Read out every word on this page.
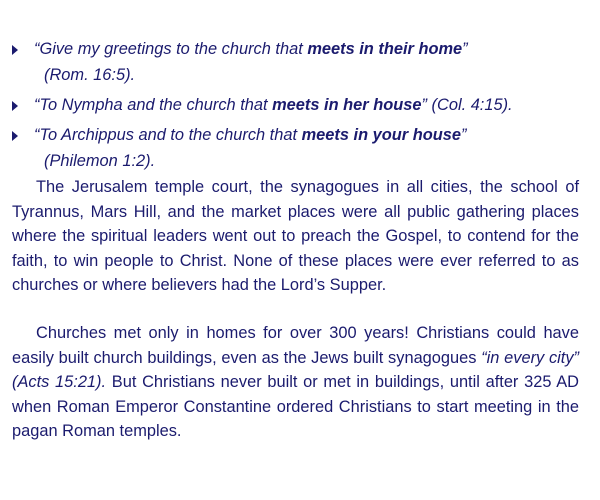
“Give my greetings to the church that meets in their home”
(Rom. 16:5).
“To Nympha and the church that meets in her house” (Col. 4:15).
“To Archippus and to the church that meets in your house”
(Philemon 1:2).
The Jerusalem temple court, the synagogues in all cities, the school of Tyrannus, Mars Hill, and the market places were all public gathering places where the spiritual leaders went out to preach the Gospel, to contend for the faith, to win people to Christ. None of these places were ever referred to as churches or where believers had the Lord’s Supper.
Churches met only in homes for over 300 years! Christians could have easily built church buildings, even as the Jews built synagogues “in every city” (Acts 15:21). But Christians never built or met in buildings, until after 325 AD when Roman Emperor Constantine ordered Christians to start meeting in the pagan Roman temples.
